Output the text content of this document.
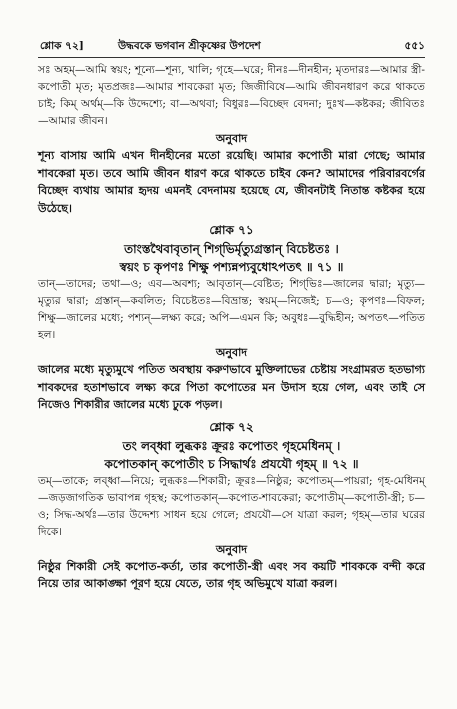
শ্লোক ৭২]	উদ্ধবকে ভগবান শ্রীকৃষ্ণের উপদেশ	৫৫১

সঃ অহম্—আমি স্বয়ং; শূন্যে—শূন্য, খালি; গৃহে—ঘরে; দীনঃ—দীনহীন; মৃতদারঃ—আমার স্ত্রী-কপোতী মৃত; মৃতপ্রজঃ—আমার শাবকেরা মৃত; জিজীবিষে—আমি জীবনধারণ করে থাকতে চাই; কিম্ অর্থম্—কি উদ্দেশ্যে; বা—অথবা; বিধুরঃ—বিচ্ছেদ বেদনা; দুঃখ—কষ্টকর; জীবিতঃ—আমার জীবন।

অনুবাদ

শূন্য বাসায় আমি এখন দীনহীনের মতো রয়েছি। আমার কপোতী মারা গেছে; আমার শাবকেরা মৃত। তবে আমি জীবন ধারণ করে থাকতে চাইব কেন? আমাদের পরিবারবর্গের বিচ্ছেদ ব্যথায় আমার হৃদয় এমনই বেদনাময় হয়েছে যে, জীবনটাই নিতান্ত কষ্টকর হয়ে উঠেছে।

শ্লোক ৭১

তাংস্তথৈবাবৃতান্ শিগ্‌ভির্মৃত্যুগ্রস্তান্ বিচেষ্টতঃ ।

স্বয়ং চ কৃপণঃ শিক্ষু পশ্যন্নপ্যবুধোঽপতৎ ॥ ৭১ ॥

তান্—তাদের; তথা—ও; এব—অবশ্য; আবৃতান্—বেষ্টিত; শিগ্‌ভিঃ—জালের দ্বারা; মৃত্যু—মৃত্যুর দ্বারা; গ্রস্তান্—কবলিত; বিচেষ্টতঃ—বিভ্রান্ত; স্বয়ম্—নিজেই; চ—ও; কৃপণঃ—বিফল; শিক্ষু—জালের মধ্যে; পশ্যন্—লক্ষ্য করে; অপি—এমন কি; অবুধঃ—বুদ্ধিহীন; অপতৎ—পতিত হল।

অনুবাদ

জালের মধ্যে মৃত্যুমুখে পতিত অবস্থায় করুণভাবে মুক্তিলাভের চেষ্টায় সংগ্রামরত হতভাগ্য শাবকদের হতাশভাবে লক্ষ্য করে পিতা কপোতের মন উদাস হয়ে গেল, এবং তাই সে নিজেও শিকারীর জালের মধ্যে ঢুকে পড়ল।

শ্লোক ৭২

তং লব্ধ্বা লুব্ধকঃ ক্রূরঃ কপোতং গৃহমেধিনম্ ।

কপোতকান্ কপোতীং চ সিদ্ধার্থঃ প্রযযৌ গৃহম্ ॥ ৭২ ॥

তম্—তাকে; লব্ধ্বা—নিয়ে; লুব্ধকঃ—শিকারী; ক্রূরঃ—নিষ্ঠুর; কপোতম্—পায়রা; গৃহ-মেধিনম্—জড়জাগতিক ভাবাপন্ন গৃহস্থ; কপোতকান্—কপোত-শাবকেরা; কপোতীম্—কপোতী-স্ত্রী; চ—ও; সিদ্ধ-অর্থঃ—তার উদ্দেশ্য সাধন হয়ে গেলে; প্রযযৌ—সে যাত্রা করল; গৃহম্—তার ঘরের দিকে।

অনুবাদ

নিষ্ঠুর শিকারী সেই কপোত-কর্তা, তার কপোতী-স্ত্রী এবং সব কয়টি শাবককে বন্দী করে নিয়ে তার আকাঙ্ক্ষা পূরণ হয়ে যেতে, তার গৃহ অভিমুখে যাত্রা করল।
